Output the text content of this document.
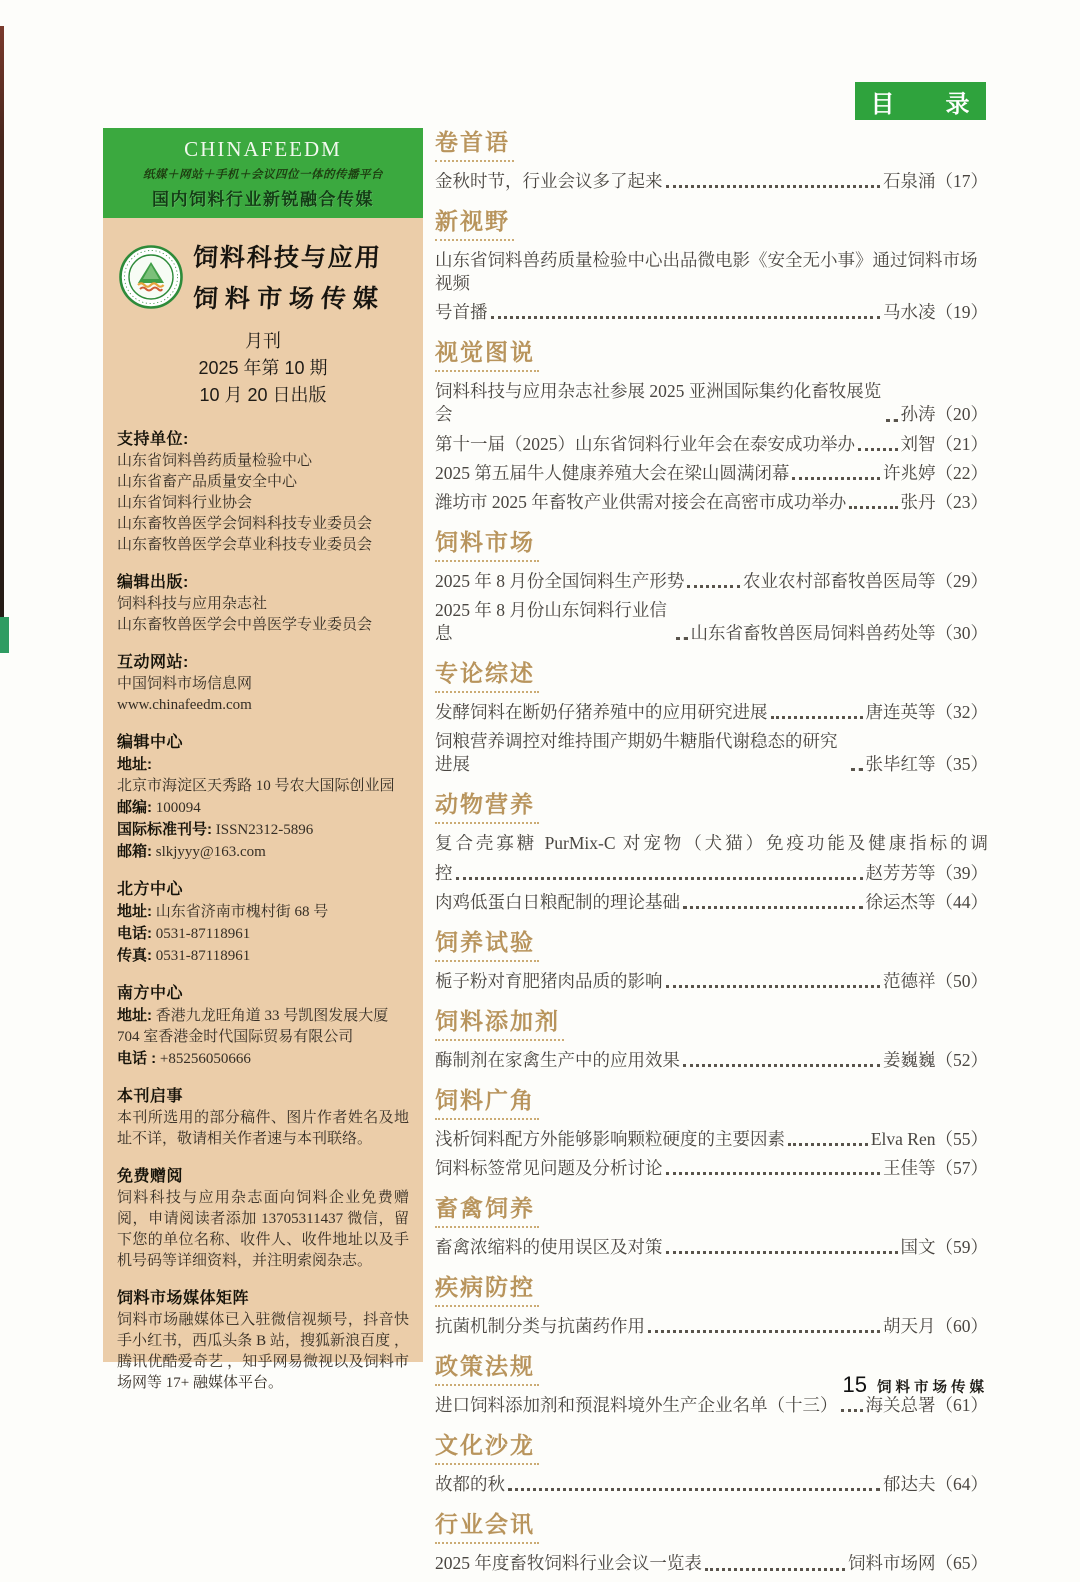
CHINAFEEDM
纸媒＋网站＋手机＋会议四位一体的传播平台
国内饲料行业新锐融合传媒
饲料科技与应用
饲料市场传媒
月刊
2025 年第 10 期
10 月 20 日出版
支持单位:
山东省饲料兽药质量检验中心
山东省畜产品质量安全中心
山东省饲料行业协会
山东畜牧兽医学会饲料科技专业委员会
山东畜牧兽医学会草业科技专业委员会
编辑出版:
饲料科技与应用杂志社
山东畜牧兽医学会中兽医学专业委员会
互动网站:
中国饲料市场信息网
www.chinafeedm.com
编辑中心
地址:
北京市海淀区天秀路 10 号农大国际创业园
邮编: 100094
国际标准刊号: ISSN2312-5896
邮箱: slkjyyy@163.com
北方中心
地址: 山东省济南市槐村街 68 号
电话: 0531-87118961
传真: 0531-87118961
南方中心
地址: 香港九龙旺角道 33 号凯图发展大厦
704 室香港金时代国际贸易有限公司
电话 : +85256050666
本刊启事
本刊所选用的部分稿件、图片作者姓名及地址不详，敬请相关作者速与本刊联络。
免费赠阅
饲料科技与应用杂志面向饲料企业免费赠阅，申请阅读者添加 13705311437 微信，留下您的单位名称、收件人、收件地址以及手机号码等详细资料，并注明索阅杂志。
饲料市场媒体矩阵
饲料市场融媒体已入驻微信视频号，抖音快手小红书，西瓜头条 B 站，搜狐新浪百度 ，腾讯优酷爱奇艺 ，知乎网易微视以及饲料市场网等 17+ 融媒体平台。
目　　录
卷首语
金秋时节，行业会议多了起来	石泉涌（17）
新视野
山东省饲料兽药质量检验中心出品微电影《安全无小事》通过饲料市场视频
号首播	马水凌（19）
视觉图说
饲料科技与应用杂志社参展 2025 亚洲国际集约化畜牧展览会	孙涛（20）
第十一届（2025）山东省饲料行业年会在泰安成功举办	刘智（21）
2025 第五届牛人健康养殖大会在梁山圆满闭幕	许兆婷（22）
潍坊市 2025 年畜牧产业供需对接会在高密市成功举办	张丹（23）
饲料市场
2025 年 8 月份全国饲料生产形势	农业农村部畜牧兽医局等（29）
2025 年 8 月份山东饲料行业信息	山东省畜牧兽医局饲料兽药处等（30）
专论综述
发酵饲料在断奶仔猪养殖中的应用研究进展	唐连英等（32）
饲粮营养调控对维持围产期奶牛糖脂代谢稳态的研究进展	张毕红等（35）
动物营养
复合壳寡糖 PurMix-C 对宠物（犬猫）免疫功能及健康指标的调
控	赵芳芳等（39）
肉鸡低蛋白日粮配制的理论基础	徐运杰等（44）
饲养试验
栀子粉对育肥猪肉品质的影响	范德祥（50）
饲料添加剂
酶制剂在家禽生产中的应用效果	姜巍巍（52）
饲料广角
浅析饲料配方外能够影响颗粒硬度的主要因素	Elva Ren（55）
饲料标签常见问题及分析讨论	王佳等（57）
畜禽饲养
畜禽浓缩料的使用误区及对策	国文（59）
疾病防控
抗菌机制分类与抗菌药作用	胡天月（60）
政策法规
进口饲料添加剂和预混料境外生产企业名单（十三） 海关总署（61）
文化沙龙
故都的秋	郁达夫（64）
行业会讯
2025 年度畜牧饲料行业会议一览表	饲料市场网（65）
15 饲料市场传媒
